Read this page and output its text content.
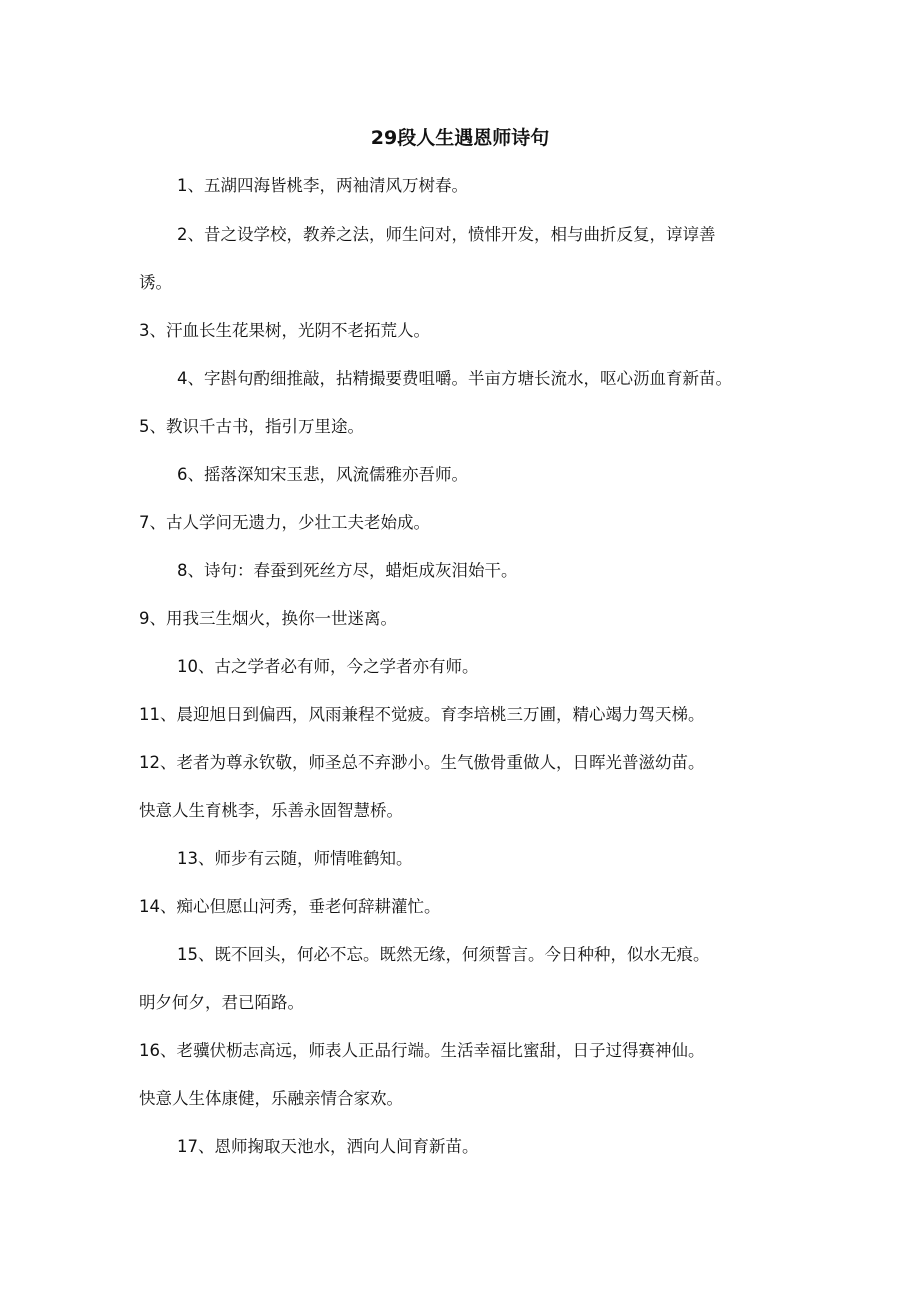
29段人生遇恩师诗句
1、五湖四海皆桃李，两袖清风万树春。
2、昔之设学校，教养之法，师生问对，愤悱开发，相与曲折反复，谆谆善
诱。
3、汗血长生花果树，光阴不老拓荒人。
4、字斟句酌细推敲，拈精撮要费咀嚼。半亩方塘长流水，呕心沥血育新苗。
5、教识千古书，指引万里途。
6、摇落深知宋玉悲，风流儒雅亦吾师。
7、古人学问无遗力，少壮工夫老始成。
8、诗句：春蚕到死丝方尽，蜡炬成灰泪始干。
9、用我三生烟火，换你一世迷离。
10、古之学者必有师，今之学者亦有师。
11、晨迎旭日到偏西，风雨兼程不觉疲。育李培桃三万圃，精心竭力驾天梯。
12、老者为尊永钦敬，师圣总不弃渺小。生气傲骨重做人，日晖光普滋幼苗。
快意人生育桃李，乐善永固智慧桥。
13、师步有云随，师情唯鹤知。
14、痴心但愿山河秀，垂老何辞耕灌忙。
15、既不回头，何必不忘。既然无缘，何须誓言。今日种种，似水无痕。
明夕何夕，君已陌路。
16、老骥伏枥志高远，师表人正品行端。生活幸福比蜜甜，日子过得赛神仙。
快意人生体康健，乐融亲情合家欢。
17、恩师掬取天池水，洒向人间育新苗。
